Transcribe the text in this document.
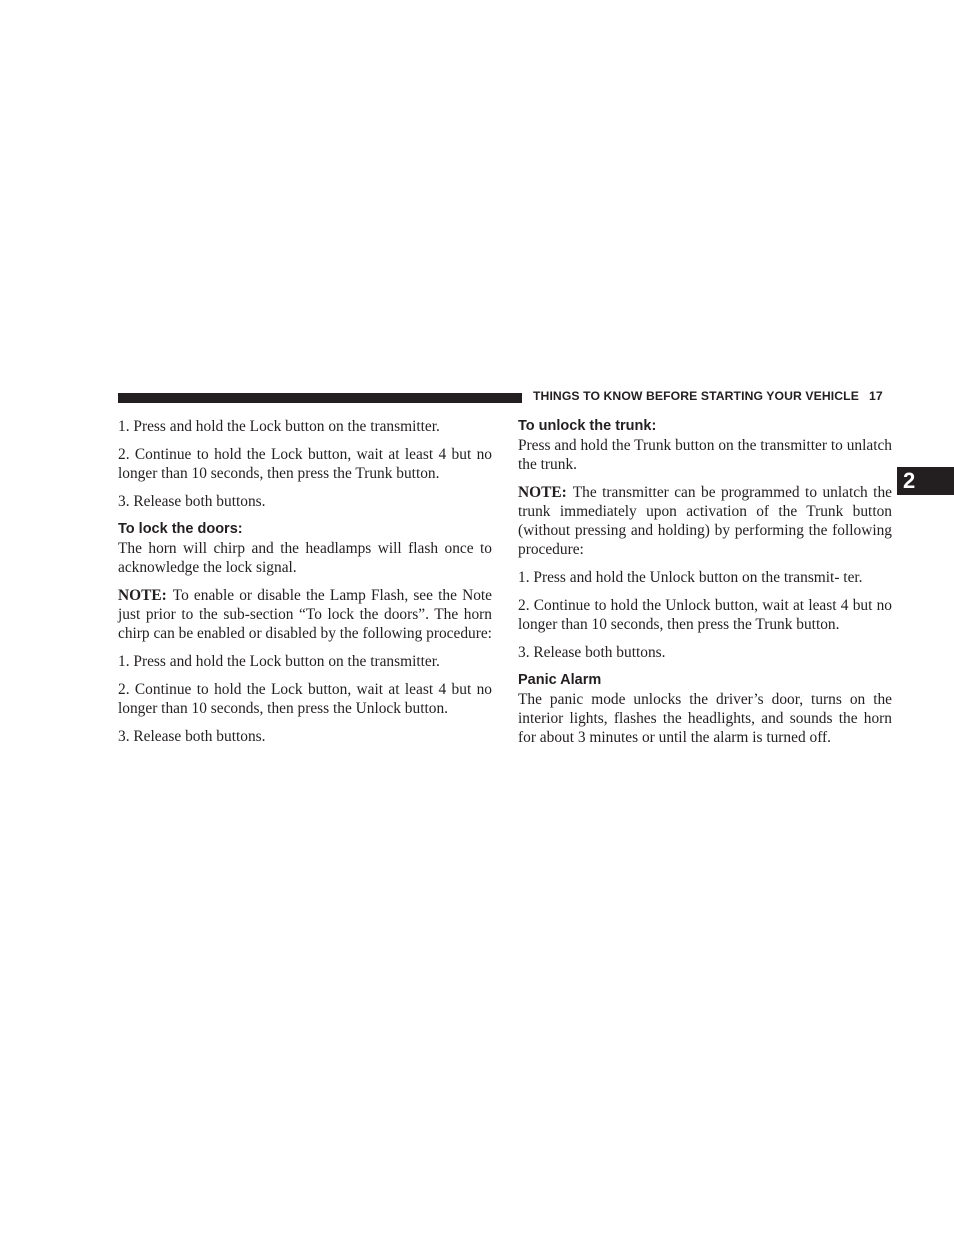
THINGS TO KNOW BEFORE STARTING YOUR VEHICLE 17
2

1. Press and hold the Lock button on the transmitter.

2. Continue to hold the Lock button, wait at least 4 but no longer than 10 seconds, then press the Trunk button.

3. Release both buttons.

To lock the doors:

The horn will chirp and the headlamps will flash once to acknowledge the lock signal.

NOTE: To enable or disable the Lamp Flash, see the Note just prior to the sub-section “To lock the doors”. The horn chirp can be enabled or disabled by the following procedure:

1. Press and hold the Lock button on the transmitter.

2. Continue to hold the Lock button, wait at least 4 but no longer than 10 seconds, then press the Unlock button.

3. Release both buttons.

To unlock the trunk:

Press and hold the Trunk button on the transmitter to unlatch the trunk.

NOTE: The transmitter can be programmed to unlatch the trunk immediately upon activation of the Trunk button (without pressing and holding) by performing the following procedure:

1. Press and hold the Unlock button on the transmit- ter.

2. Continue to hold the Unlock button, wait at least 4 but no longer than 10 seconds, then press the Trunk button.

3. Release both buttons.

Panic Alarm

The panic mode unlocks the driver’s door, turns on the interior lights, flashes the headlights, and sounds the horn for about 3 minutes or until the alarm is turned off.
